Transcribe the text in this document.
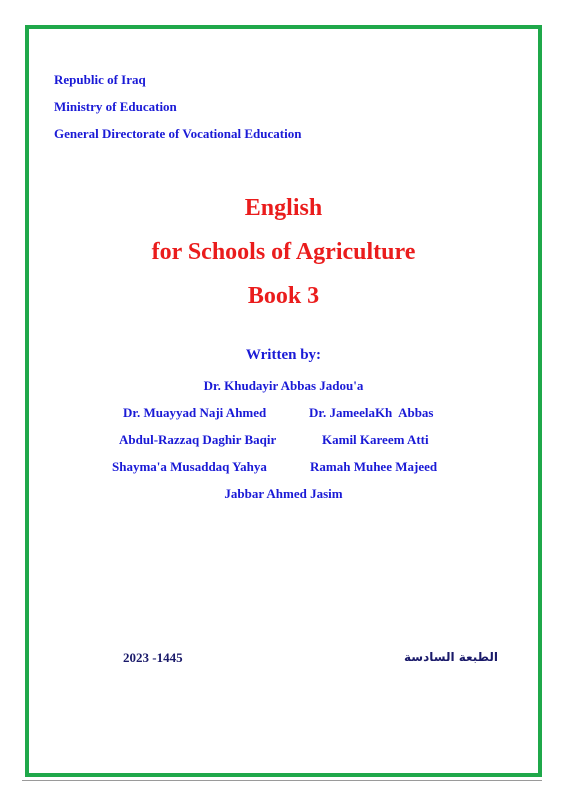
Republic of Iraq
Ministry of Education
General Directorate of Vocational Education
English
for Schools of Agriculture
Book 3
Written by:
Dr. Khudayir Abbas Jadou'a
Dr. Muayyad Naji Ahmed	Dr. JameelaKh  Abbas
Abdul-Razzaq Daghir Baqir	Kamil Kareem Atti
Shayma'a Musaddaq Yahya	Ramah Muhee Majeed
Jabbar Ahmed Jasim
2023 -1445	الطبعة السادسة
